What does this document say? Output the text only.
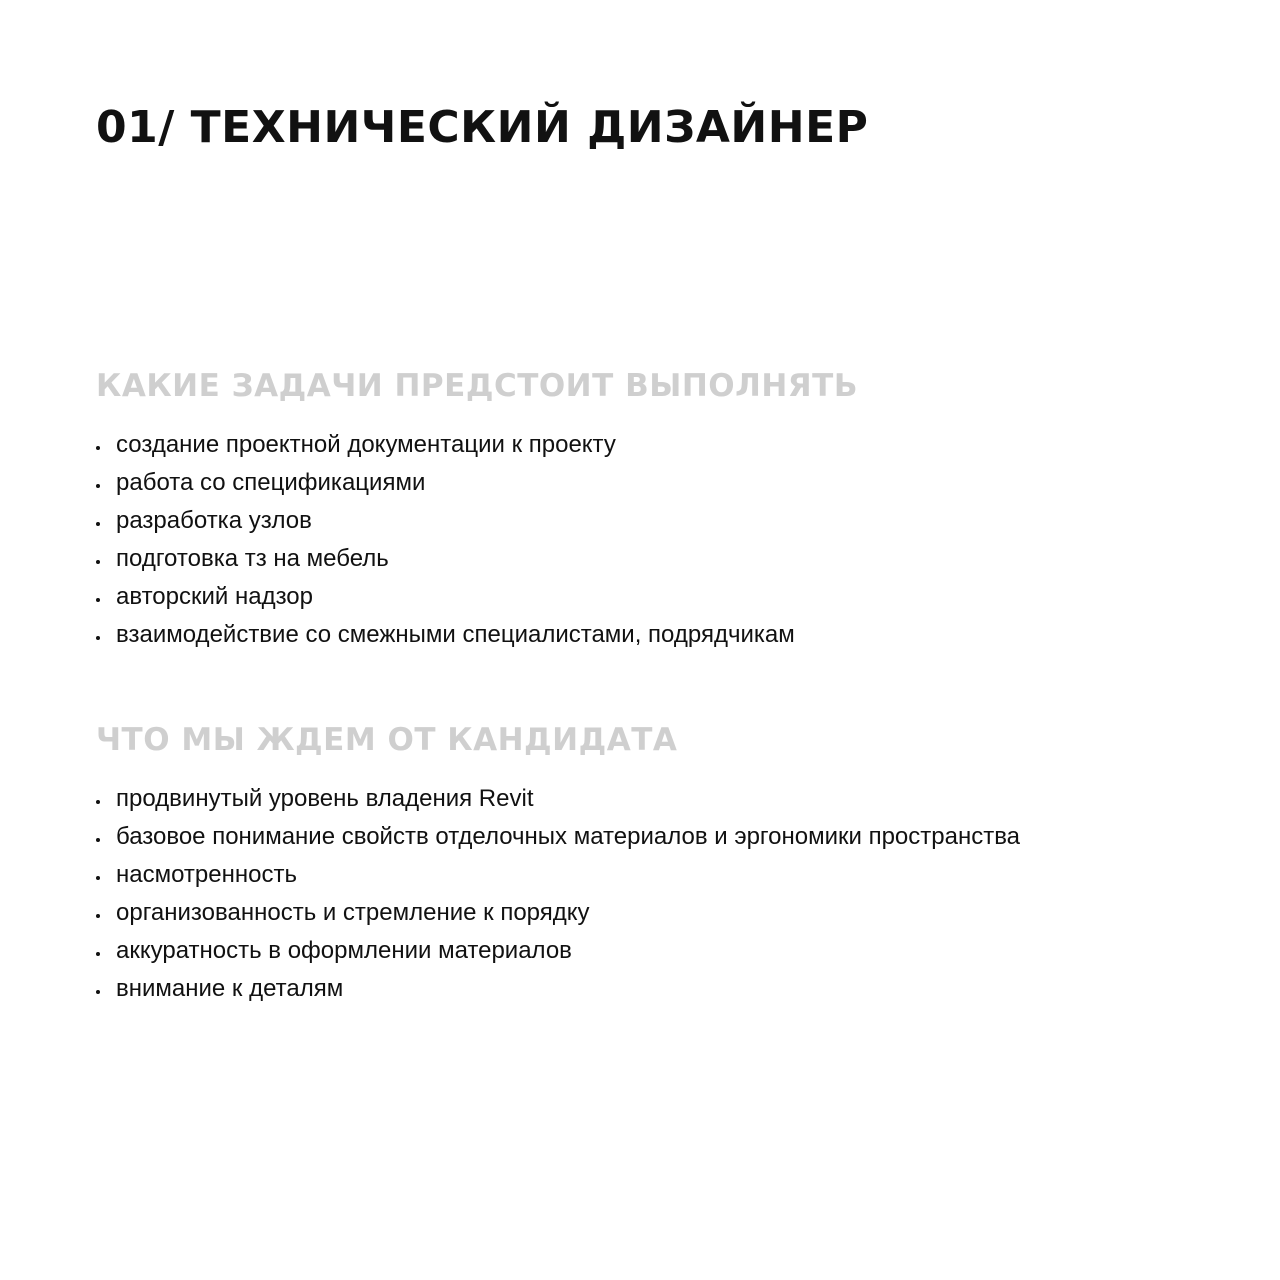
01/ ТЕХНИЧЕСКИЙ ДИЗАЙНЕР
КАКИЕ ЗАДАЧИ ПРЕДСТОИТ ВЫПОЛНЯТЬ
создание проектной документации к проекту
работа со спецификациями
разработка узлов
подготовка тз на мебель
авторский надзор
взаимодействие со смежными специалистами, подрядчикам
ЧТО МЫ ЖДЕМ ОТ КАНДИДАТА
продвинутый уровень владения Revit
базовое понимание свойств отделочных материалов и эргономики пространства
насмотренность
организованность и стремление к порядку
аккуратность в оформлении материалов
внимание к деталям
